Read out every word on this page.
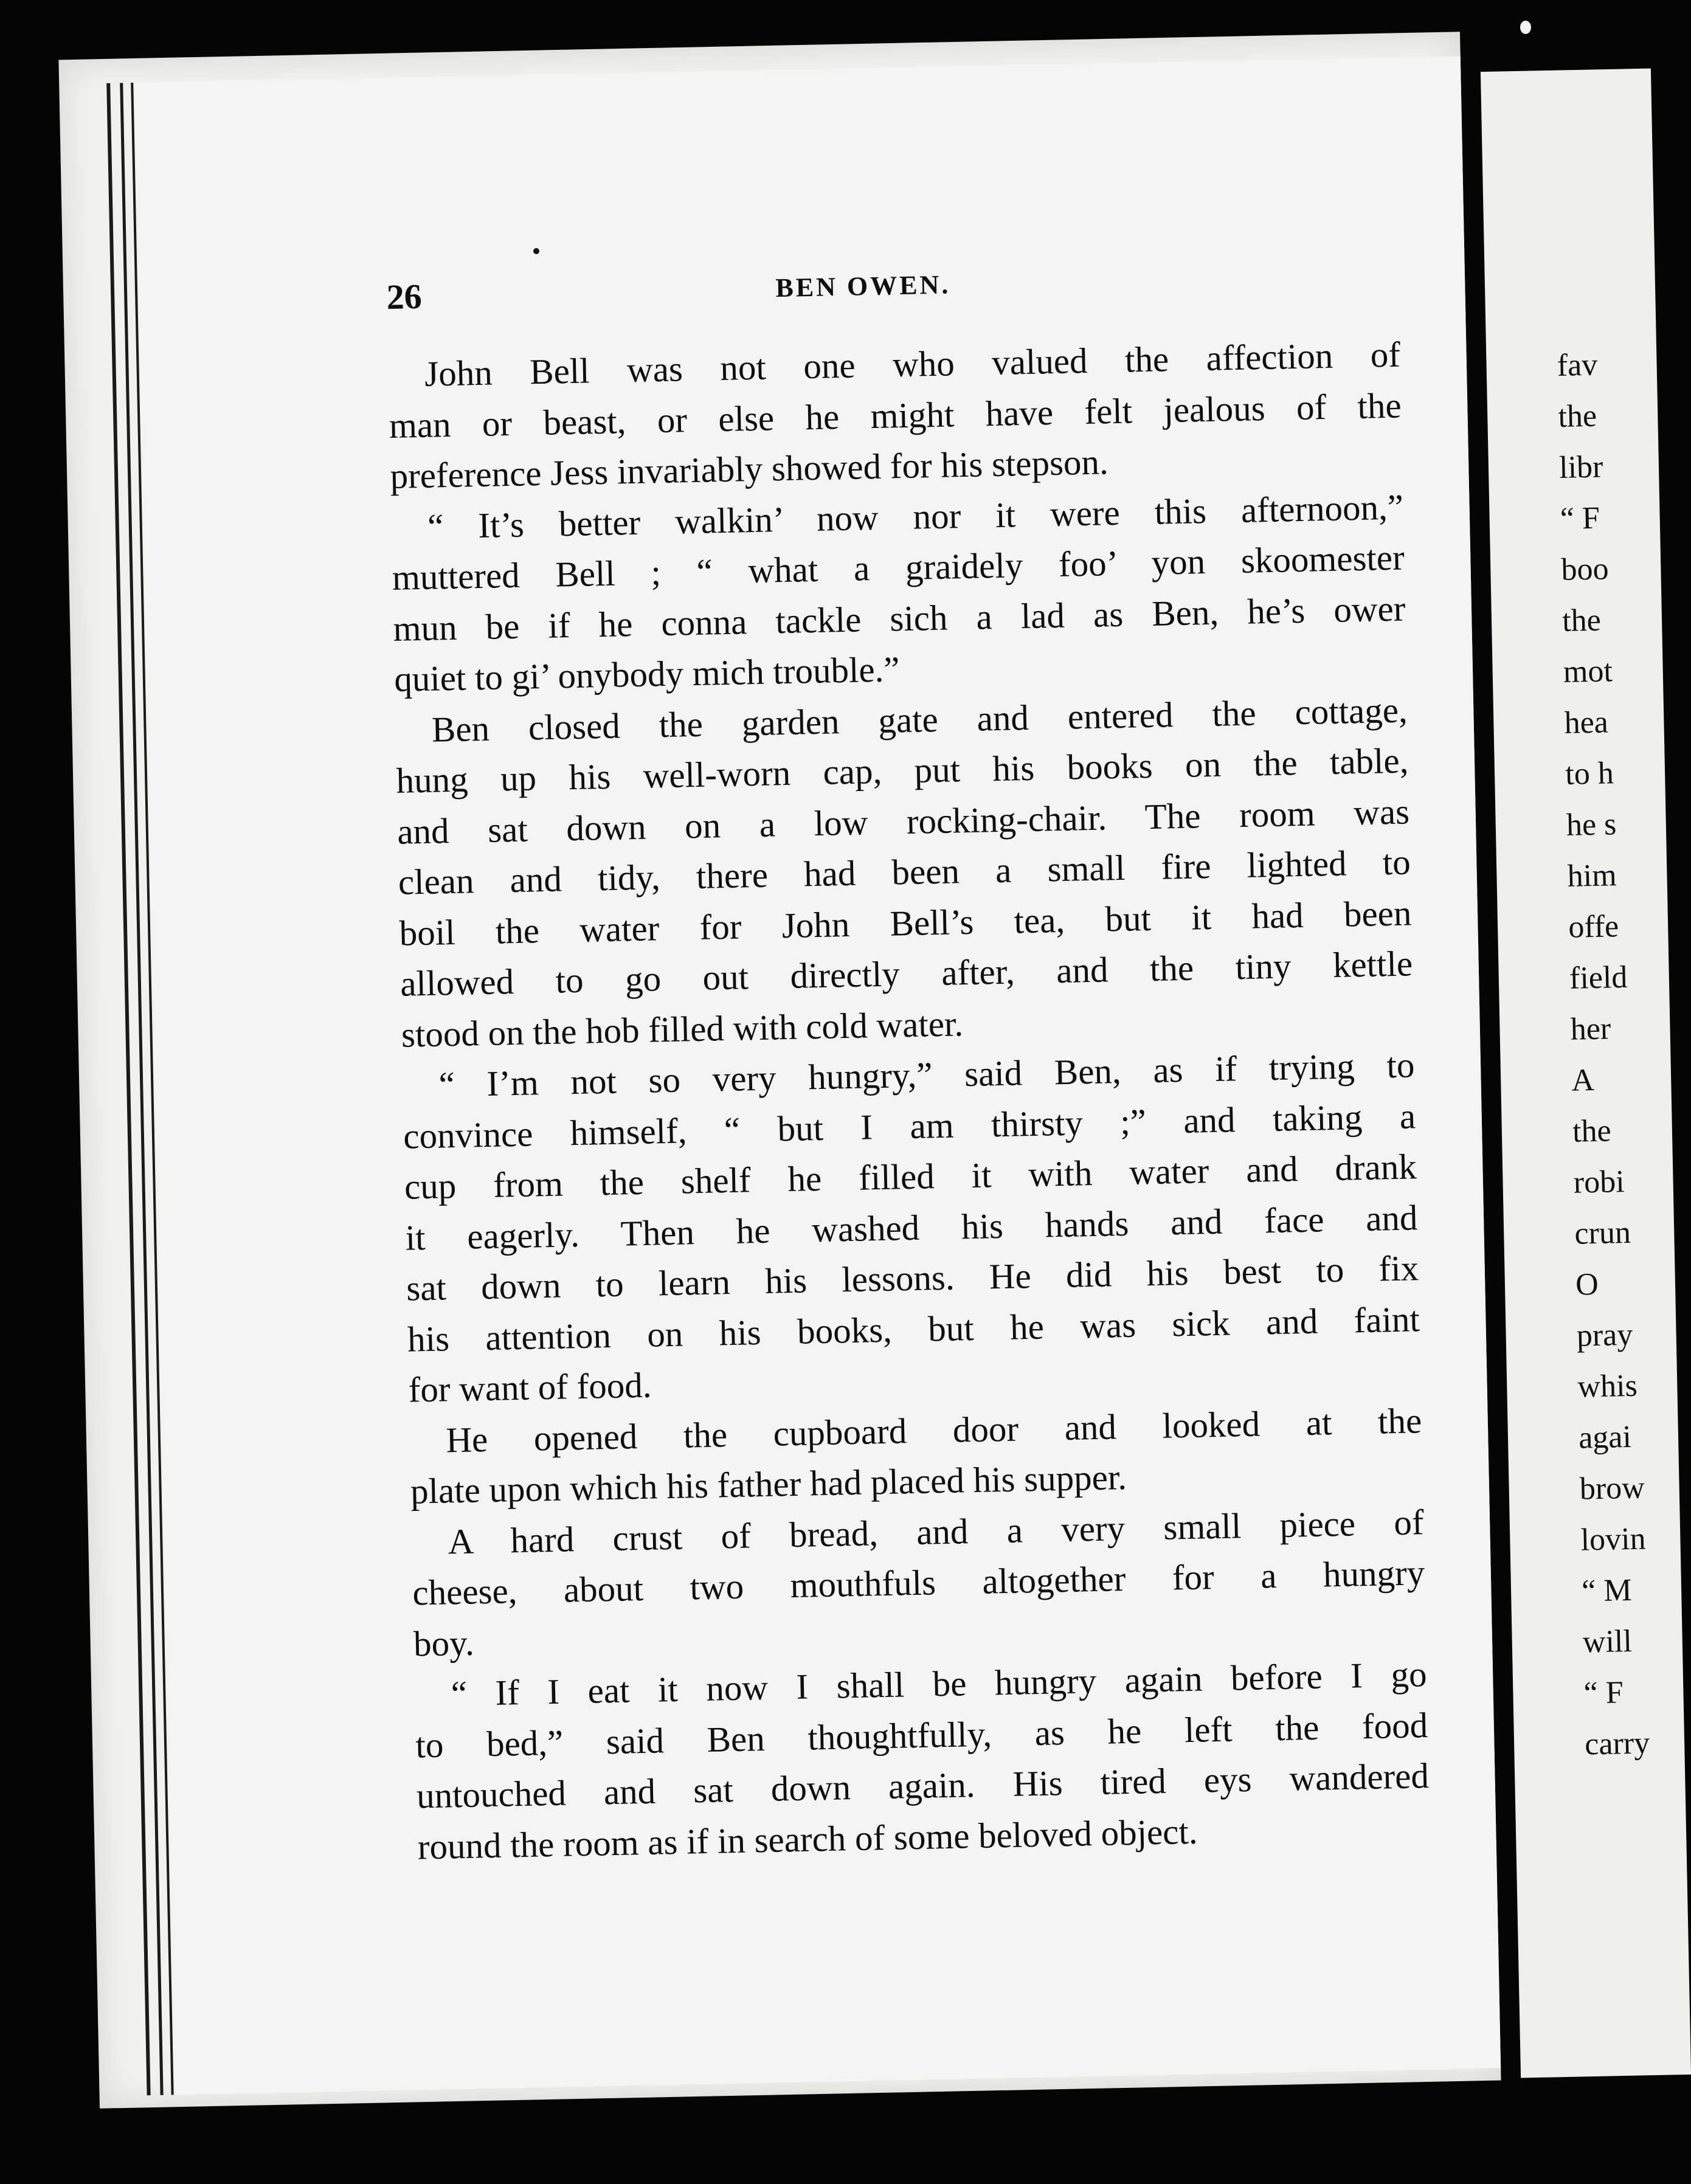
fav
the
libr
“ F
boo
the
mot
hea
to h
he s
him
offe
field
her
A
the
robi
crun
O
pray
whis
agai
brow
lovin
“ M
will
“ F
carry
26	BEN OWEN.
John Bell was not one who valued the affection of
man or beast, or else he might have felt jealous of the
preference Jess invariably showed for his stepson.
“ It’s better walkin’ now nor it were this afternoon,”
muttered Bell ; “ what a graidely foo’ yon skoomester
mun be if he conna tackle sich a lad as Ben, he’s ower
quiet to gi’ onybody mich trouble.”
Ben closed the garden gate and entered the cottage,
hung up his well-worn cap, put his books on the table,
and sat down on a low rocking-chair. The room was
clean and tidy, there had been a small fire lighted to
boil the water for John Bell’s tea, but it had been
allowed to go out directly after, and the tiny kettle
stood on the hob filled with cold water.
“ I’m not so very hungry,” said Ben, as if trying to
convince himself, “ but I am thirsty ;” and taking a
cup from the shelf he filled it with water and drank
it eagerly. Then he washed his hands and face and
sat down to learn his lessons. He did his best to fix
his attention on his books, but he was sick and faint
for want of food.
He opened the cupboard door and looked at the
plate upon which his father had placed his supper.
A hard crust of bread, and a very small piece of
cheese, about two mouthfuls altogether for a hungry
boy.
“ If I eat it now I shall be hungry again before I go
to bed,” said Ben thoughtfully, as he left the food
untouched and sat down again. His tired eys wandered
round the room as if in search of some beloved object.
